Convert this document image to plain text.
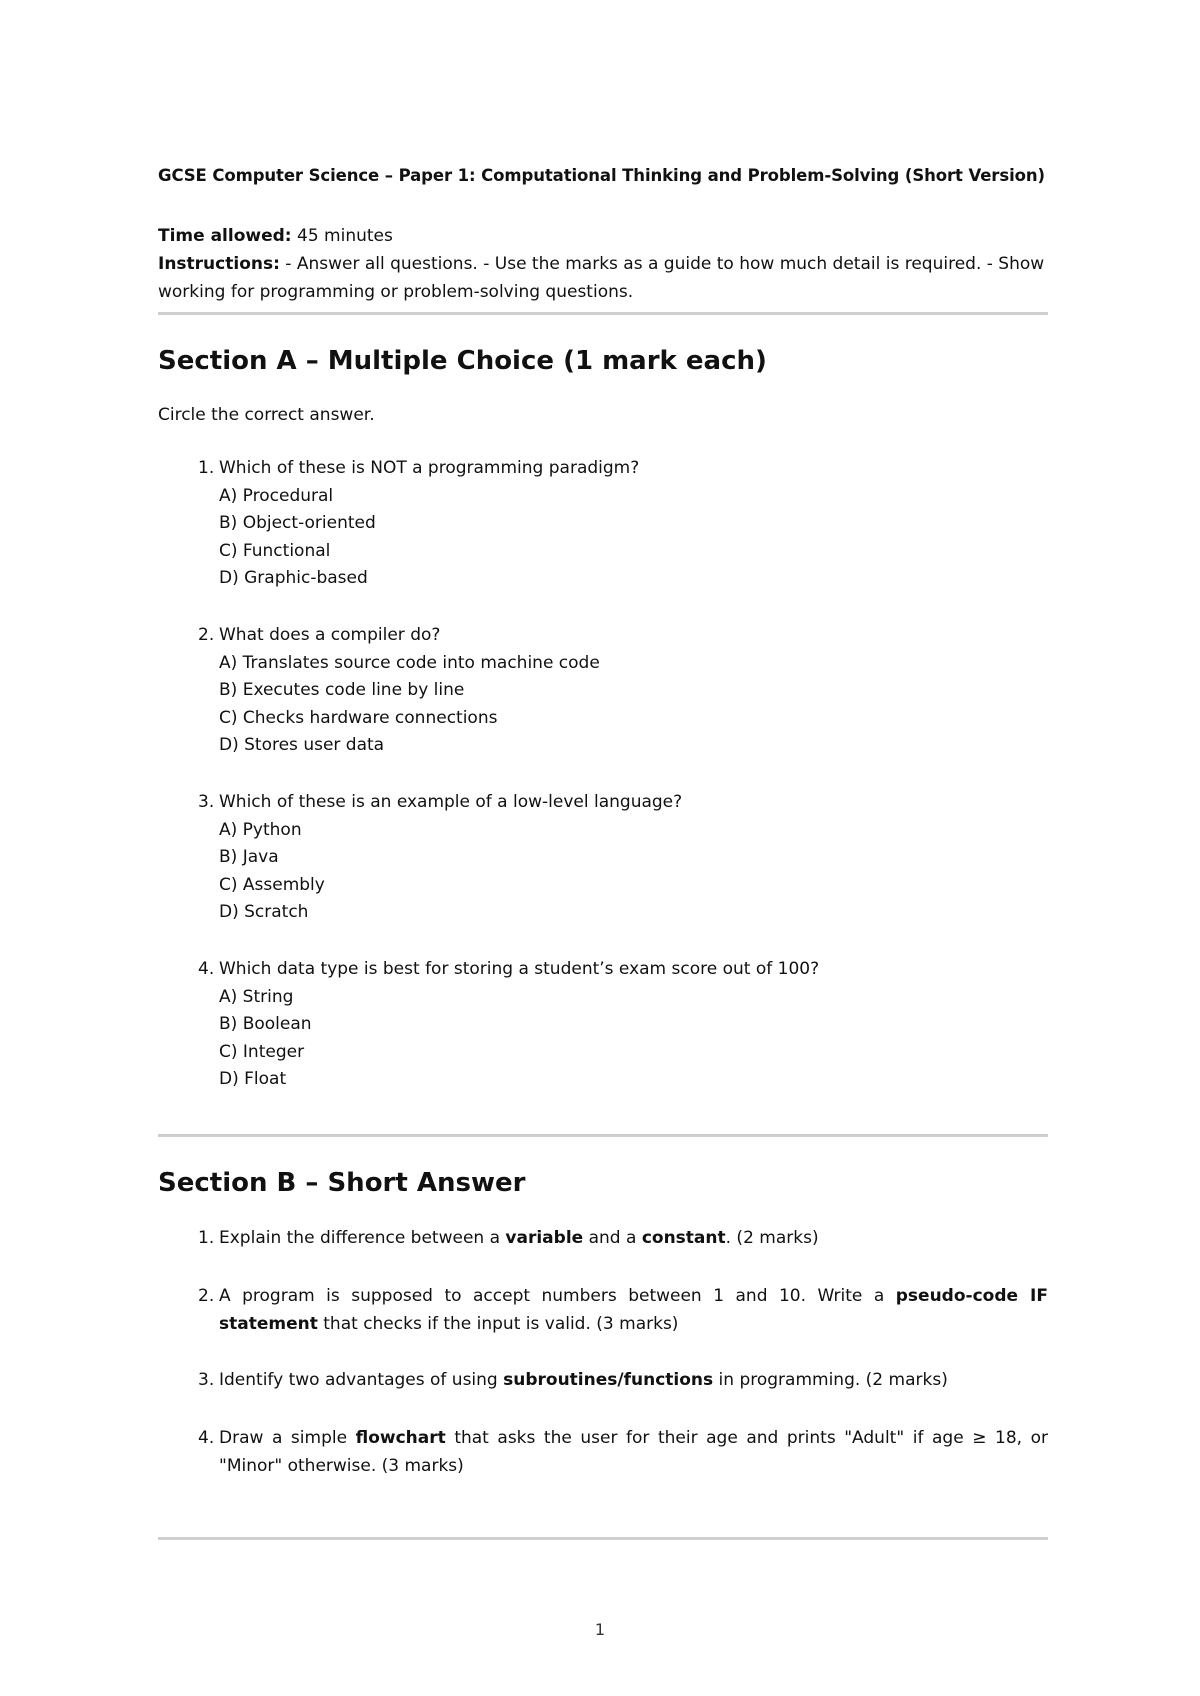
GCSE Computer Science – Paper 1: Computational Thinking and Problem-Solving (Short Version)
Time allowed: 45 minutes
Instructions: - Answer all questions. - Use the marks as a guide to how much detail is required. - Show working for programming or problem-solving questions.
Section A – Multiple Choice (1 mark each)
Circle the correct answer.
1. Which of these is NOT a programming paradigm?
A) Procedural
B) Object-oriented
C) Functional
D) Graphic-based
2. What does a compiler do?
A) Translates source code into machine code
B) Executes code line by line
C) Checks hardware connections
D) Stores user data
3. Which of these is an example of a low-level language?
A) Python
B) Java
C) Assembly
D) Scratch
4. Which data type is best for storing a student’s exam score out of 100?
A) String
B) Boolean
C) Integer
D) Float
Section B – Short Answer
1. Explain the difference between a variable and a constant. (2 marks)
2. A program is supposed to accept numbers between 1 and 10. Write a pseudo-code IF statement that checks if the input is valid. (3 marks)
3. Identify two advantages of using subroutines/functions in programming. (2 marks)
4. Draw a simple flowchart that asks the user for their age and prints "Adult" if age ≥ 18, or "Minor" otherwise. (3 marks)
1
